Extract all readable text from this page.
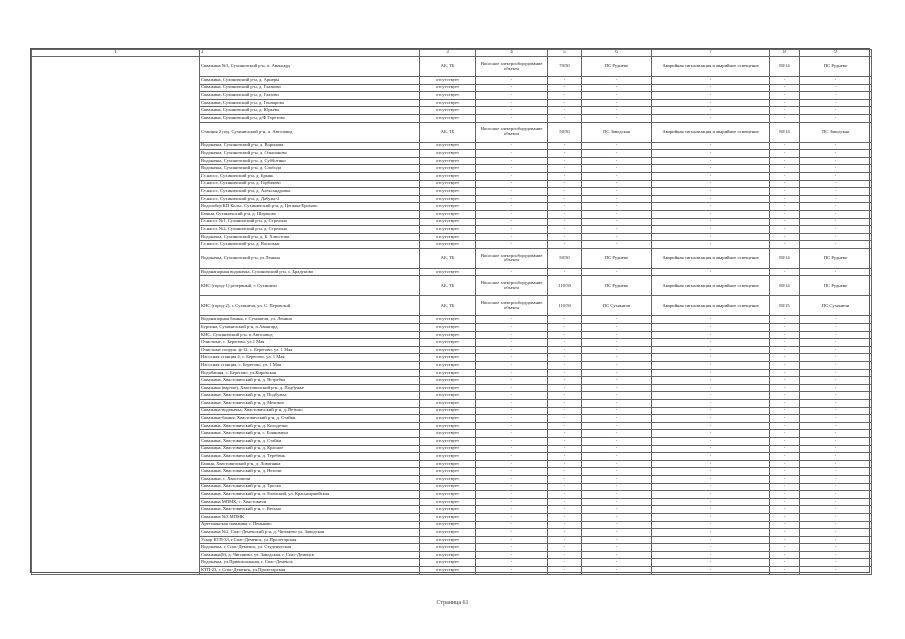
1	2	3	4	5	6	7	8	9
	Скважина №3, Сухиничский р-н, п. Авангард	АБ, ТБ	Насосное электрооборудование объекта	70/50	ПС Руднево	Аварийная сигнализация и аварийное освещение	80/14	ПС Руднево
	Скважина, Сухиничский р-н, д. Арнеры	отсутствует	-	-	-	-	-	-
	Скважина, Сухиничский р-н, д. Глазково	отсутствует	-	-	-	-	-	-
	Скважина, Сухиничский р-н, д. Глазово	отсутствует	-	-	-	-	-	-
	Скважина, Сухиничский р-н, д. Гончарова	отсутствует	-	-	-	-	-	-
	Скважина, Сухиничский р-н, д. Юрьево	отсутствует	-	-	-	-	-	-
	Скважина, Сухиничский р-н, д/Ф Горетово	отсутствует	-	-	-	-	-	-
	Станция 2 под. Сухиничский р-н, п. Автозавод	АБ, ТБ	Насосное электрооборудование объекта	50/50	ПС Заводская	Аварийная сигнализация и аварийное освещение	80/14	ПС Заводская
	Водокачка, Сухиничский р-н, д. Воронова	отсутствует	-	-	-	-	-	-
	Водокачка, Сухиничский р-н, д. Ольшаново	отсутствует	-	-	-	-	-	-
	Водокачка, Сухиничский р-н, д. Субботино	отсутствует	-	-	-	-	-	-
	Водокачка, Сухиничский р-н, д. Слобода	отсутствует	-	-	-	-	-	-
	Гл.насос, Сухиничский р-н, д. Брынь	отсутствует	-	-	-	-	-	-
	Гл.насос, Сухиничский р-н, д. Горбачево	отсутствует	-	-	-	-	-	-
	Гл.насос, Сухиничский р-н, д. Александровка	отсутствует	-	-	-	-	-	-
	Гл.насос, Сухиничский р-н, д. Дабужа-2	отсутствует	-	-	-	-	-	-
	Водозабор КП Кольс, Сухиничский р-н, д. Цепкин-Ерохово	отсутствует	-	-	-	-	-	-
	Башня, Сухиничский р-н, д. Шершово	отсутствует	-	-	-	-	-	-
	Гл.насос №1, Сухиничский р-н, д. Стрельна	отсутствует	-	-	-	-	-	-
	Гл.насос №2, Сухиничский р-н, д. Стрельна	отсутствует	-	-	-	-	-	-
	Водокачка, Сухиничский р-н, д. Б. Хлюстова	отсутствует	-	-	-	-	-	-
	Гл.насос, Сухиничский р-н, д. Васильки	отсутствует	-	-	-	-	-	-
	Водокачка, Сухиничский р-н, ул.Ленина	АБ, ТБ	Насосное электрооборудование объекта	50/50	ПС Руднево	Аварийная сигнализация и аварийное освещение	80/14	ПС Руднево
	Водонапорная водокачка, Сухиничский р-н, с. Брадуново	отсутствует	-	-	-	-	-	-
	КНС (город-1) резервный, г. Сухиничи	АБ, ТБ	Насосное электрооборудование объекта	110/50	ПС Руднево	Аварийная сигнализация и аварийное освещение	80/14	ПС Руднево
	КНС (город-2), г. Сухиничи, ул. С. Перовской	АБ, ТБ	Насосное электрооборудование объекта	110/50	ПС Сухиничи	Аварийная сигнализация и аварийное освещение	80/15	ПС Сухиничи
	Водонапорная башня, г. Сухиничи, ул. Ленина	отсутствует	-	-	-	-	-	-
	Бурсина, Сухиничский р-н, п.Авангард	отсутствует	-	-	-	-	-	-
	КНС, Сухиничский р-н, п.Автозавод	отсутствует	-	-	-	-	-	-
	Очистные, с. Берегово, ул.1 Мая	отсутствует	-	-	-	-	-	-
	Очистные сооруж. ф-12, с. Берегово, ул. 1 Мая	отсутствует	-	-	-	-	-	-
	Насосная станция 4, с. Берегово, ул. 1 Мая	отсутствует	-	-	-	-	-	-
	Насосная станция, с. Берегово, ул. 1 Мая	отсутствует	-	-	-	-	-	-
	Водобашня, с. Берегово, ул.Кировская	отсутствует	-	-	-	-	-	-
	Скважина, Хвастовичский р-н, д. Ястребка	отсутствует	-	-	-	-	-	-
	Скважина (вар-ые), Хвастовичский р-н, д. Подбужье	отсутствует	-	-	-	-	-	-
	Скважина, Хвастовичский р-н, д. Подбужье	отсутствует	-	-	-	-	-	-
	Скважина, Хвастовичский р-н, д. Меховое	отсутствует	-	-	-	-	-	-
	Скважина-водокачка, Хвастовичский р-н, д. Ветьмо	отсутствует	-	-	-	-	-	-
	Скважина-башня, Хвастовичский р-н, д. Стайки	отсутствует	-	-	-	-	-	-
	Скважина, Хвастовичский р-н, д. Колодезки	отсутствует	-	-	-	-	-	-
	Скважина, Хвастовичский р-н, с. Бояновичи	отсутствует	-	-	-	-	-	-
	Скважина, Хвастовичский р-н, д. Стайки	отсутствует	-	-	-	-	-	-
	Скважина, Хвастовичский р-н, д. Красное	отсутствует	-	-	-	-	-	-
	Скважина, Хвастовичский р-н, д. Теребень	отсутствует	-	-	-	-	-	-
	Башня, Хвастовичский р-н, д. Ловатянка	отсутствует	-	-	-	-	-	-
	Скважина, Хвастовичский р-н, д. Нехочи	отсутствует	-	-	-	-	-	-
	Скважина, с. Хвастовичи	отсутствует	-	-	-	-	-	-
	Скважина, Хвастовичский р-н, д. Троскa	отсутствует	-	-	-	-	-	-
	Скважина, Хвастовичский р-н, п. Еленский, ул. Красноармейская	отсутствует	-	-	-	-	-	-
	Скважина МПМК, с. Хвастовичи	отсутствует	-	-	-	-	-	-
	Скважина, Хвастовичский р-н, с. Ветьмо	отсутствует	-	-	-	-	-	-
	Скважина №3 МПМК	отсутствует	-	-	-	-	-	-
	Артезианская скважина с. Пеньково	отсутствует	-	-	-	-	-	-
	Скважина №2, Спас-Деменский р-н, д. Чипляево ул. Заводская	отсутствует	-	-	-	-	-	-
	Ускор КТП-33, г.Спас-Деменск, ул.Пролетарская	отсутствует	-	-	-	-	-	-
	Водокачка, г. Спас-Деменск, ул. Студенческая	отсутствует	-	-	-	-	-	-
	Скважина(6), д. Чипляево, ул. Заводская, г. Спас-Деменск	отсутствует	-	-	-	-	-	-
	Водокачка, ул.Привокзальная, г. Спас-Деменск	отсутствует	-	-	-	-	-	-
	КТП-23, г. Спас-Деменск, ул.Пролетарская	отсутствует	-	-	-	-	-	-
Страница 61
